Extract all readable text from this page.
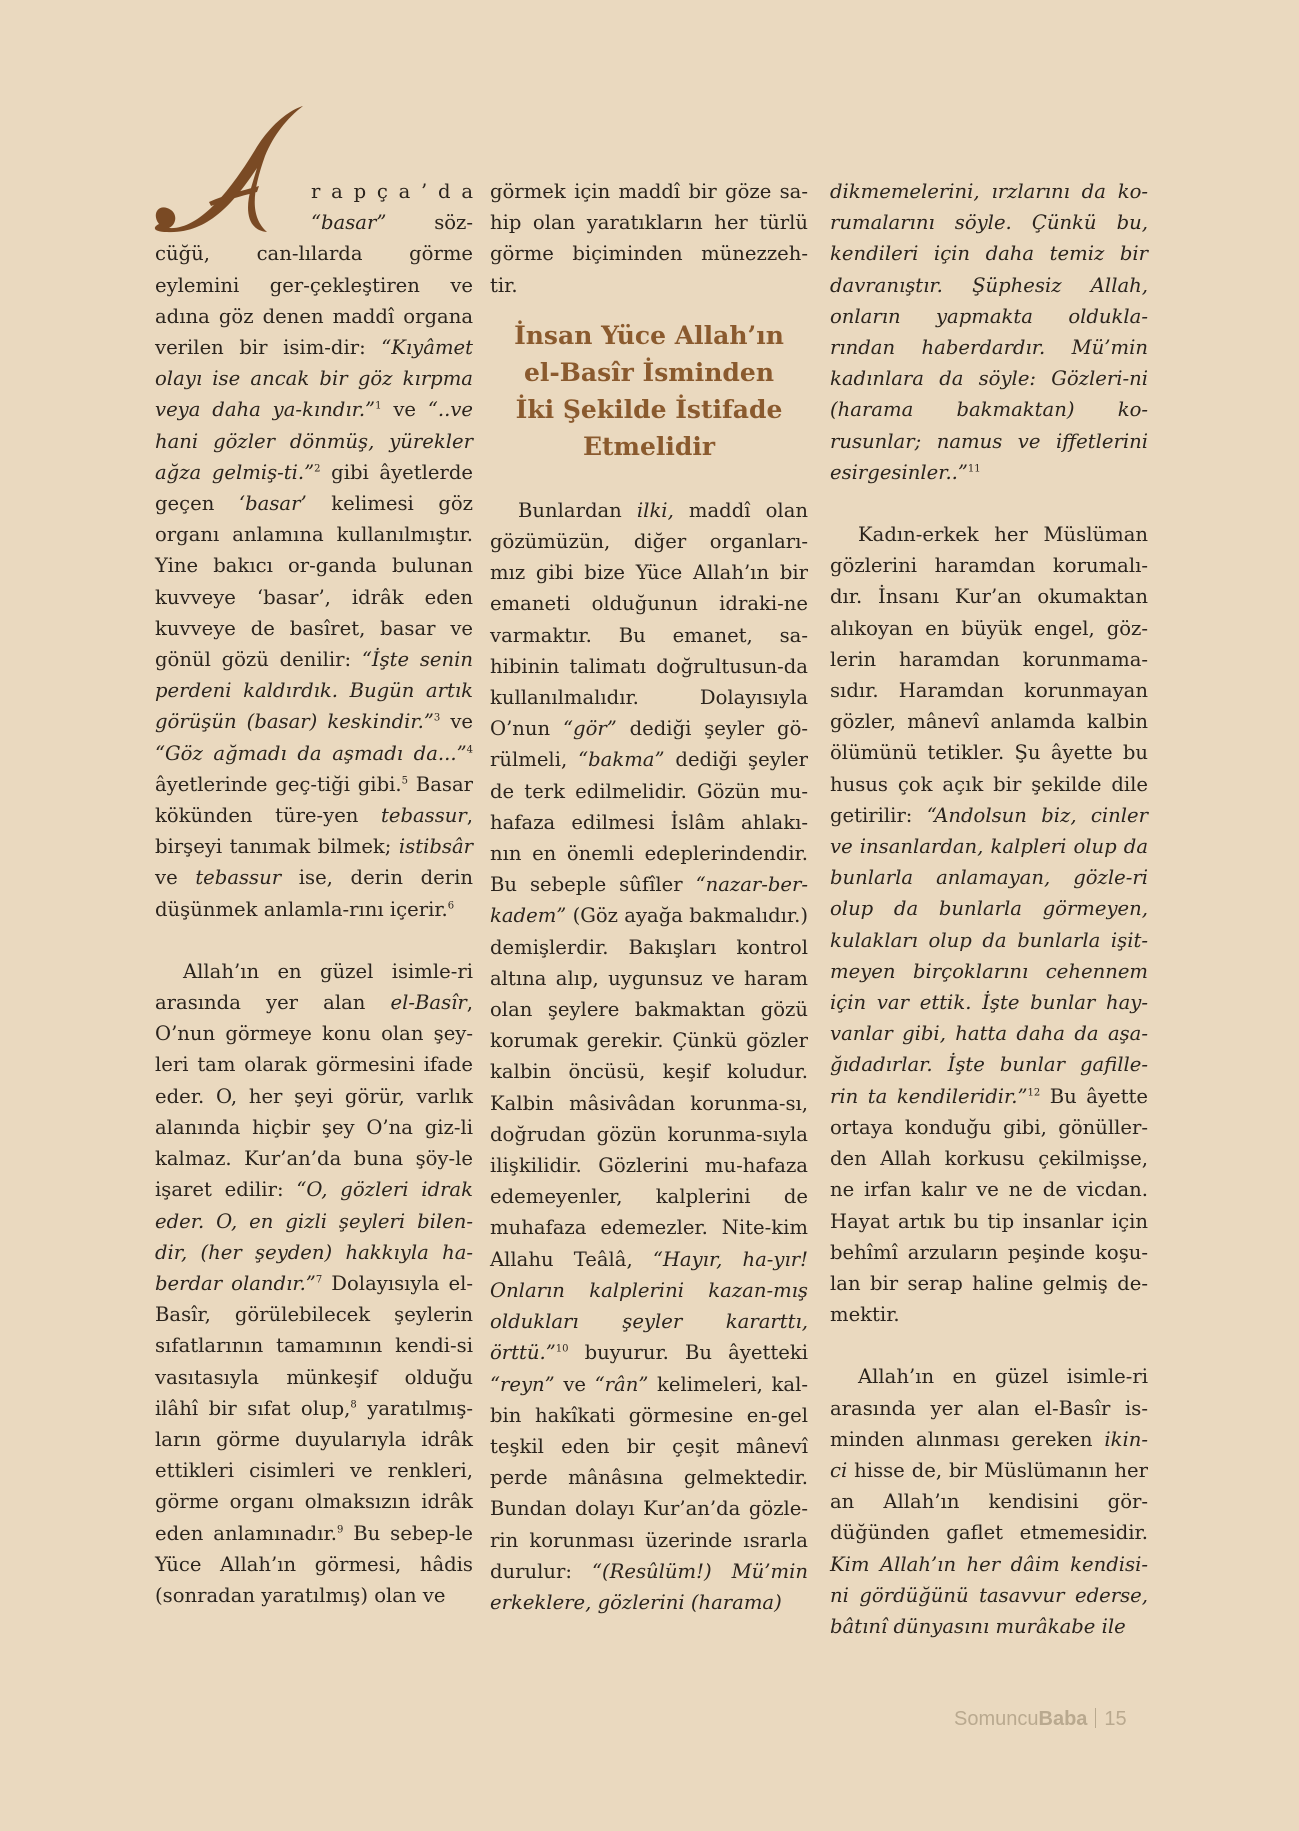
r a p ç a ’ d a “basar” söz-cüğü, can-lılarda görme eylemini ger-çekleştiren ve adına göz denen maddî organa verilen bir isim-dir: “Kıyâmet olayı ise ancak bir göz kırpma veya daha ya-kındır.”$^1$ ve “..ve hani gözler dönmüş, yürekler ağza gelmiş-ti.”$^2$ gibi âyetlerde geçen ‘basar’ kelimesi göz organı anlamına kullanılmıştır. Yine bakıcı or-ganda bulunan kuvveye ‘basar’, idrâk eden kuvveye de basîret, basar ve gönül gözü denilir: “İşte senin perdeni kaldırdık. Bugün artık görüşün (basar) keskindir.”$^3$ ve “Göz ağmadı da aşmadı da...”$^4$ âyetlerinde geç-tiği gibi.$^5$ Basar kökünden türe-yen tebassur, birşeyi tanımak bilmek; istibsâr ve tebassur ise, derin derin düşünmek anlamla-rını içerir.$^6$

Allah’ın en güzel isimle-ri arasında yer alan el-Basîr, O’nun görmeye konu olan şey-leri tam olarak görmesini ifade eder. O, her şeyi görür, varlık alanında hiçbir şey O’na giz-li kalmaz. Kur’an’da buna şöy-le işaret edilir: “O, gözleri idrak eder. O, en gizli şeyleri bilen-dir, (her şeyden) hakkıyla ha-berdar olandır.”$^7$ Dolayısıyla el-Basîr, görülebilecek şeylerin sıfatlarının tamamının kendi-si vasıtasıyla münkeşif olduğu ilâhî bir sıfat olup,$^8$ yaratılmış-ların görme duyularıyla idrâk ettikleri cisimleri ve renkleri, görme organı olmaksızın idrâk eden anlamınadır.$^9$ Bu sebep-le Yüce Allah’ın görmesi, hâdis (sonradan yaratılmış) olan ve

görmek için maddî bir göze sa-hip olan yaratıkların her türlü görme biçiminden münezzeh-tir.

İnsan Yüce Allah’ın
el-Basîr İsminden
İki Şekilde İstifade
Etmelidir

Bunlardan ilki, maddî olan gözümüzün, diğer organları-mız gibi bize Yüce Allah’ın bir emaneti olduğunun idraki-ne varmaktır. Bu emanet, sa-hibinin talimatı doğrultusun-da kullanılmalıdır. Dolayısıyla O’nun “gör” dediği şeyler gö-rülmeli, “bakma” dediği şeyler de terk edilmelidir. Gözün mu-hafaza edilmesi İslâm ahlakı-nın en önemli edeplerindendir. Bu sebeple sûfîler “nazar-ber-kadem” (Göz ayağa bakmalıdır.) demişlerdir. Bakışları kontrol altına alıp, uygunsuz ve haram olan şeylere bakmaktan gözü korumak gerekir. Çünkü gözler kalbin öncüsü, keşif koludur. Kalbin mâsivâdan korunma-sı, doğrudan gözün korunma-sıyla ilişkilidir. Gözlerini mu-hafaza edemeyenler, kalplerini de muhafaza edemezler. Nite-kim Allahu Teâlâ, “Hayır, ha-yır! Onların kalplerini kazan-mış oldukları şeyler kararttı, örttü.”$^{10}$ buyurur. Bu âyetteki “reyn” ve “rân” kelimeleri, kal-bin hakîkati görmesine en-gel teşkil eden bir çeşit mânevî perde mânâsına gelmektedir. Bundan dolayı Kur’an’da gözle-rin korunması üzerinde ısrarla durulur: “(Resûlüm!) Mü’min erkeklere, gözlerini (harama)

dikmemelerini, ırzlarını da ko-rumalarını söyle. Çünkü bu, kendileri için daha temiz bir davranıştır. Şüphesiz Allah, onların yapmakta oldukla-rından haberdardır. Mü’min kadınlara da söyle: Gözleri-ni (harama bakmaktan) ko-rusunlar; namus ve iffetlerini esirgesinler..”$^{11}$

Kadın-erkek her Müslüman gözlerini haramdan korumalı-dır. İnsanı Kur’an okumaktan alıkoyan en büyük engel, göz-lerin haramdan korunmama-sıdır. Haramdan korunmayan gözler, mânevî anlamda kalbin ölümünü tetikler. Şu âyette bu husus çok açık bir şekilde dile getirilir: “Andolsun biz, cinler ve insanlardan, kalpleri olup da bunlarla anlamayan, gözle-ri olup da bunlarla görmeyen, kulakları olup da bunlarla işit-meyen birçoklarını cehennem için var ettik. İşte bunlar hay-vanlar gibi, hatta daha da aşa-ğıdadırlar. İşte bunlar gafille-rin ta kendileridir.”$^{12}$ Bu âyette ortaya konduğu gibi, gönüller-den Allah korkusu çekilmişse, ne irfan kalır ve ne de vicdan. Hayat artık bu tip insanlar için behîmî arzuların peşinde koşu-lan bir serap haline gelmiş de-mektir.

Allah’ın en güzel isimle-ri arasında yer alan el-Basîr is-minden alınması gereken ikin-ci hisse de, bir Müslümanın her an Allah’ın kendisini gör-düğünden gaflet etmemesidir. Kim Allah’ın her dâim kendisi-ni gördüğünü tasavvur ederse, bâtınî dünyasını murâkabe ile

SomuncuBaba 15
